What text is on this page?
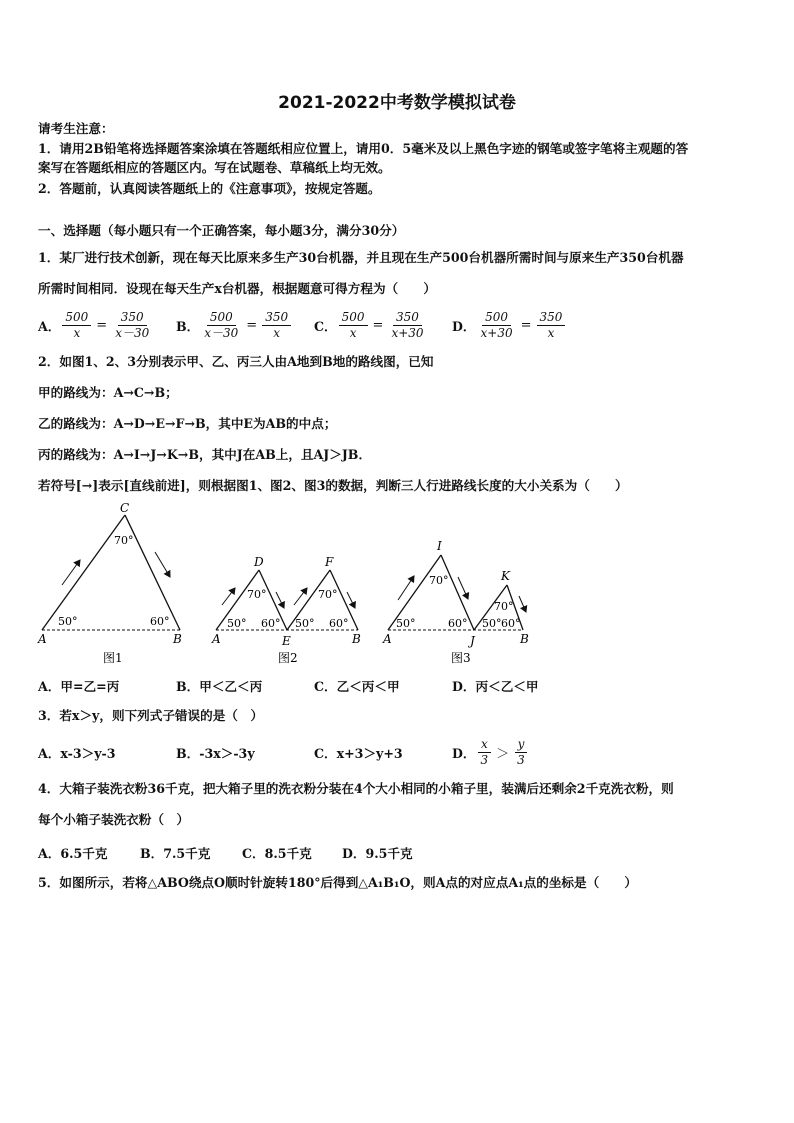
2021-2022中考数学模拟试卷
请考生注意：
1．请用2B铅笔将选择题答案涂填在答题纸相应位置上，请用0．5毫米及以上黑色字迹的钢笔或签字笔将主观题的答
案写在答题纸相应的答题区内。写在试题卷、草稿纸上均无效。
2．答题前，认真阅读答题纸上的《注意事项》，按规定答题。
一、选择题（每小题只有一个正确答案，每小题3分，满分30分）
1．某厂进行技术创新，现在每天比原来多生产30台机器，并且现在生产500台机器所需时间与原来生产350台机器
所需时间相同．设现在每天生产x台机器，根据题意可得方程为（　　）
A． $\frac{500}{x} = \frac{350}{x-30}$ B． $\frac{500}{x-30} = \frac{350}{x}$ C． $\frac{500}{x} = \frac{350}{x+30}$ D． $\frac{500}{x+30} = \frac{350}{x}$
2．如图1、2、3分别表示甲、乙、丙三人由A地到B地的路线图，已知
甲的路线为：A→C→B；
乙的路线为：A→D→E→F→B，其中E为AB的中点；
丙的路线为：A→I→J→K→B，其中J在AB上，且AJ＞JB．
若符号[→]表示[直线前进]，则根据图1、图2、图3的数据，判断三人行进路线长度的大小关系为（　　）
C
A	B
70°
50°	60°
图1
D	F
A	E	B
70°	70°
50° 60° 50° 60°
图2
I
K
A	J	B
70°
70°
50°	60° 50° 60°
图3
A．甲=乙=丙	B．甲＜乙＜丙	C．乙＜丙＜甲	D．丙＜乙＜甲
3．若x＞y，则下列式子错误的是（　）
A．x-3＞y-3	B．-3x＞-3y	C．x+3＞y+3	D． $\frac{x}{3} > \frac{y}{3}$
4．大箱子装洗衣粉36千克，把大箱子里的洗衣粉分装在4个大小相同的小箱子里，装满后还剩余2千克洗衣粉，则
每个小箱子装洗衣粉（　）
A．6.5千克	B．7.5千克	C．8.5千克 D．9.5千克
5．如图所示，若将△ABO绕点O顺时针旋转180°后得到△A₁B₁O，则A点的对应点A₁点的坐标是（　　）
